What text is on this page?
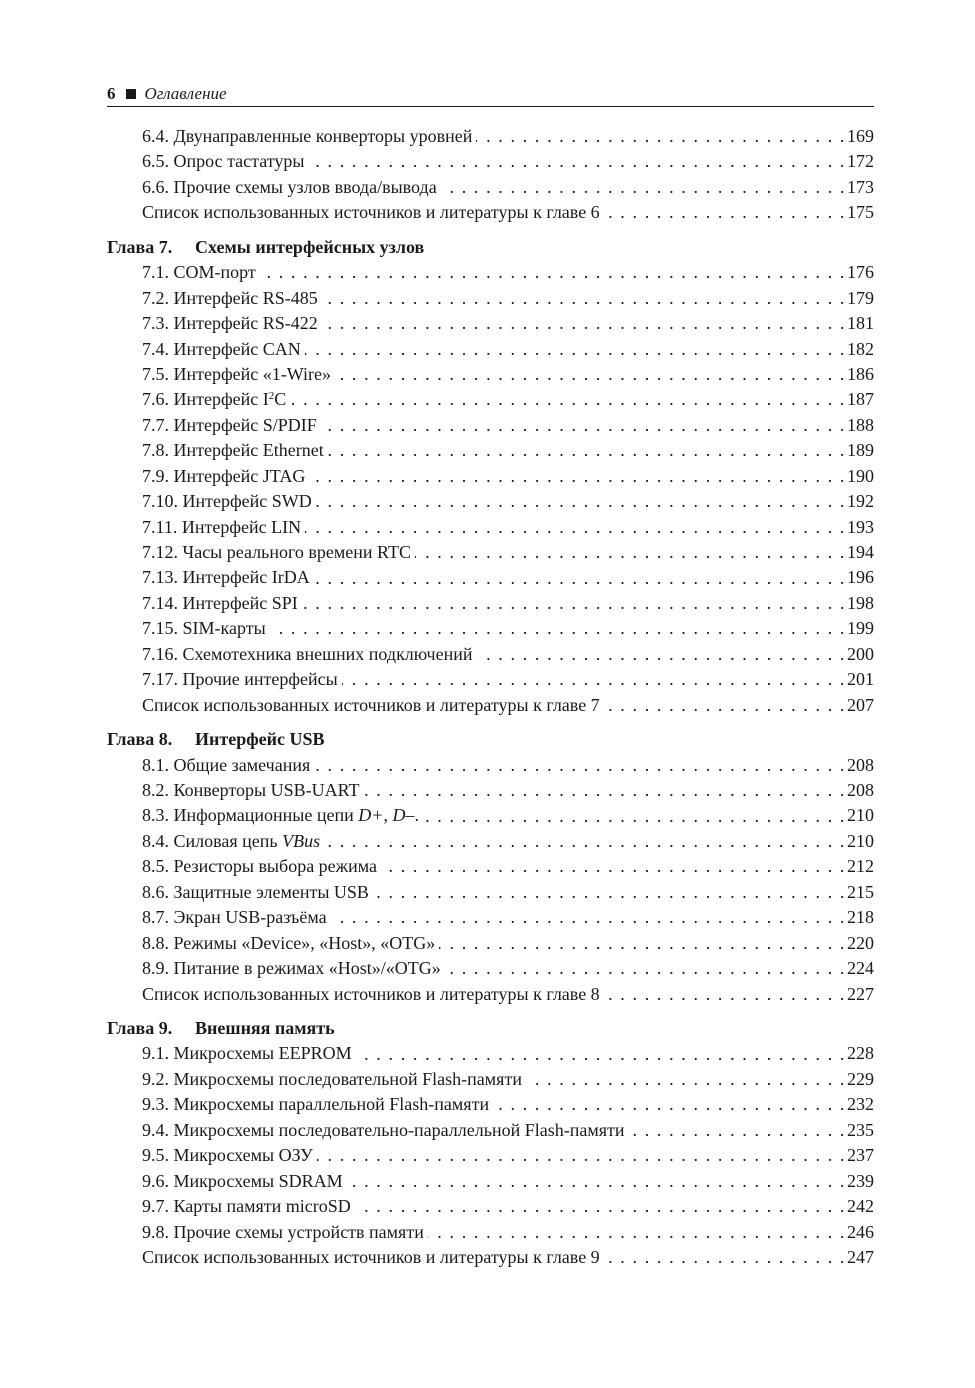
6 Оглавление
6.4. Двунаправленные конверторы уровней . . .	169
6.5. Опрос тастатуры . . .	172
6.6. Прочие схемы узлов ввода/вывода . . .	173
Список использованных источников и литературы к главе 6 . . .	175
Глава 7. Схемы интерфейсных узлов
7.1. COM-порт . . .	176
7.2. Интерфейс RS-485 . . .	179
7.3. Интерфейс RS-422 . . .	181
7.4. Интерфейс CAN . . .	182
7.5. Интерфейс «1-Wire» . . .	186
7.6. Интерфейс $I^2C$ . . .	187
7.7. Интерфейс S/PDIF . . .	188
7.8. Интерфейс Ethernet . . .	189
7.9. Интерфейс JTAG . . .	190
7.10. Интерфейс SWD . . .	192
7.11. Интерфейс LIN . . .	193
7.12. Часы реального времени RTC . . .	194
7.13. Интерфейс IrDA . . .	196
7.14. Интерфейс SPI . . .	198
7.15. SIM-карты . . .	199
7.16. Схемотехника внешних подключений . . .	200
7.17. Прочие интерфейсы . . .	201
Список использованных источников и литературы к главе 7 . . .	207
Глава 8. Интерфейс USB
8.1. Общие замечания . . .	208
8.2. Конверторы USB-UART . . .	208
8.3. Информационные цепи D+, D–. . . .	210
8.4. Силовая цепь VBus . . .	210
8.5. Резисторы выбора режима . . .	212
8.6. Защитные элементы USB . . .	215
8.7. Экран USB-разъёма . . .	218
8.8. Режимы «Device», «Host», «OTG» . . .	220
8.9. Питание в режимах «Host»/«OTG» . . .	224
Список использованных источников и литературы к главе 8 . . .	227
Глава 9. Внешняя память
9.1. Микросхемы EEPROM . . .	228
9.2. Микросхемы последовательной Flash-памяти . . .	229
9.3. Микросхемы параллельной Flash-памяти . . .	232
9.4. Микросхемы последовательно-параллельной Flash-памяти . . .	235
9.5. Микросхемы ОЗУ . . .	237
9.6. Микросхемы SDRAM . . .	239
9.7. Карты памяти microSD . . .	242
9.8. Прочие схемы устройств памяти . . .	246
Список использованных источников и литературы к главе 9 . . .	247
